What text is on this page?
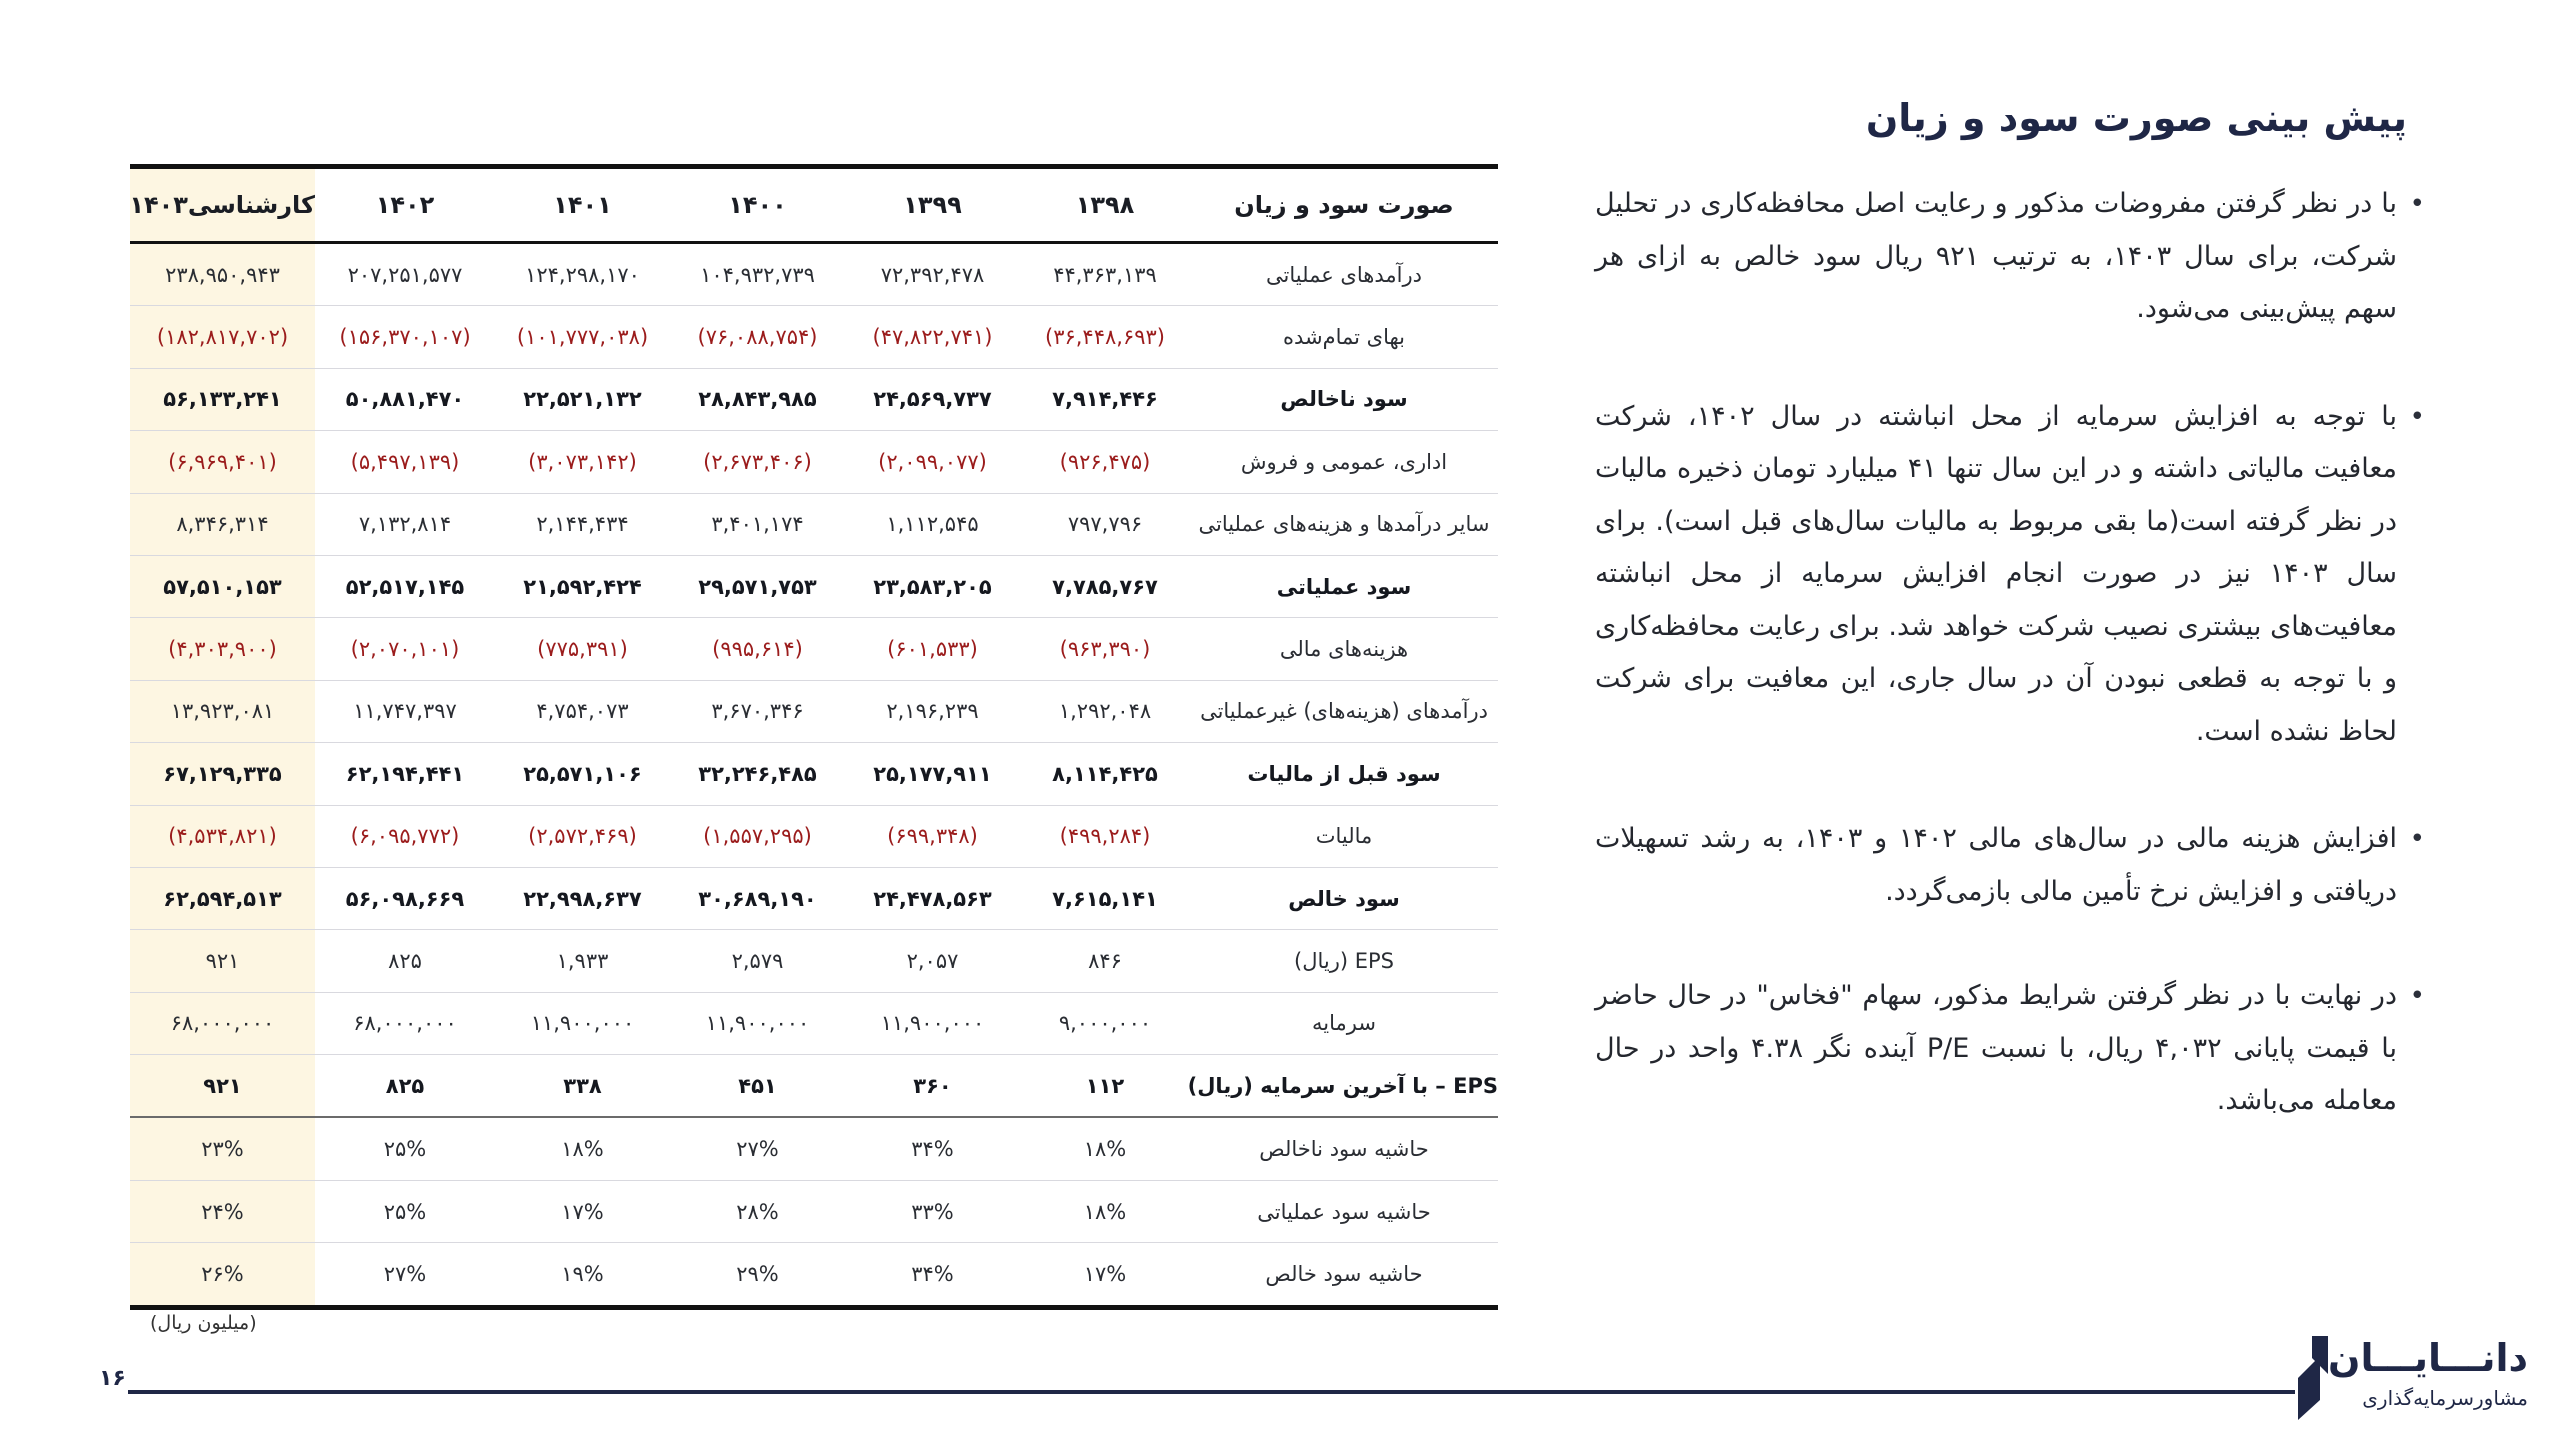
پیش بینی صورت سود و زیان
• با در نظر گرفتن مفروضات مذکور و رعایت اصل محافظه‌کاری در تحلیل شرکت، برای سال ۱۴۰۳، به ترتیب ۹۲۱ ریال سود خالص به ازای هر سهم پیش‌بینی می‌شود.
• با توجه به افزایش سرمایه از محل انباشته در سال ۱۴۰۲، شرکت معافیت مالیاتی داشته و در این سال تنها ۴۱ میلیارد تومان ذخیره مالیات در نظر گرفته است(ما بقی مربوط به مالیات سال‌های قبل است). برای سال ۱۴۰۳ نیز در صورت انجام افزایش سرمایه از محل انباشته معافیت‌های بیشتری نصیب شرکت خواهد شد. برای رعایت محافظه‌کاری و با توجه به قطعی نبودن آن در سال جاری، این معافیت برای شرکت لحاظ نشده است.
• افزایش هزینه مالی در سال‌های مالی ۱۴۰۲ و ۱۴۰۳، به رشد تسهیلات دریافتی و افزایش نرخ تأمین مالی بازمی‌گردد.
• در نهایت با در نظر گرفتن شرایط مذکور، سهام "فخاس" در حال حاضر با قیمت پایانی ۴,۰۳۲ ریال، با نسبت P/E آینده نگر ۴.۳۸ واحد در حال معامله می‌باشد.
صورت سود و زیان	۱۳۹۸	۱۳۹۹	۱۴۰۰	۱۴۰۱	۱۴۰۲	کارشناسی۱۴۰۳
درآمدهای عملیاتی	۴۴,۳۶۳,۱۳۹	۷۲,۳۹۲,۴۷۸	۱۰۴,۹۳۲,۷۳۹	۱۲۴,۲۹۸,۱۷۰	۲۰۷,۲۵۱,۵۷۷	۲۳۸,۹۵۰,۹۴۳
بهای تمام‌شده	(۳۶,۴۴۸,۶۹۳)	(۴۷,۸۲۲,۷۴۱)	(۷۶,۰۸۸,۷۵۴)	(۱۰۱,۷۷۷,۰۳۸)	(۱۵۶,۳۷۰,۱۰۷)	(۱۸۲,۸۱۷,۷۰۲)
سود ناخالص	۷,۹۱۴,۴۴۶	۲۴,۵۶۹,۷۳۷	۲۸,۸۴۳,۹۸۵	۲۲,۵۲۱,۱۳۲	۵۰,۸۸۱,۴۷۰	۵۶,۱۳۳,۲۴۱
اداری، عمومی و فروش	(۹۲۶,۴۷۵)	(۲,۰۹۹,۰۷۷)	(۲,۶۷۳,۴۰۶)	(۳,۰۷۳,۱۴۲)	(۵,۴۹۷,۱۳۹)	(۶,۹۶۹,۴۰۱)
سایر درآمدها و هزینه‌های عملیاتی	۷۹۷,۷۹۶	۱,۱۱۲,۵۴۵	۳,۴۰۱,۱۷۴	۲,۱۴۴,۴۳۴	۷,۱۳۲,۸۱۴	۸,۳۴۶,۳۱۴
سود عملیاتی	۷,۷۸۵,۷۶۷	۲۳,۵۸۳,۲۰۵	۲۹,۵۷۱,۷۵۳	۲۱,۵۹۲,۴۲۴	۵۲,۵۱۷,۱۴۵	۵۷,۵۱۰,۱۵۳
هزینه‌های مالی	(۹۶۳,۳۹۰)	(۶۰۱,۵۳۳)	(۹۹۵,۶۱۴)	(۷۷۵,۳۹۱)	(۲,۰۷۰,۱۰۱)	(۴,۳۰۳,۹۰۰)
درآمدهای (هزینه‌های) غیرعملیاتی	۱,۲۹۲,۰۴۸	۲,۱۹۶,۲۳۹	۳,۶۷۰,۳۴۶	۴,۷۵۴,۰۷۳	۱۱,۷۴۷,۳۹۷	۱۳,۹۲۳,۰۸۱
سود قبل از مالیات	۸,۱۱۴,۴۲۵	۲۵,۱۷۷,۹۱۱	۳۲,۲۴۶,۴۸۵	۲۵,۵۷۱,۱۰۶	۶۲,۱۹۴,۴۴۱	۶۷,۱۲۹,۳۳۵
مالیات	(۴۹۹,۲۸۴)	(۶۹۹,۳۴۸)	(۱,۵۵۷,۲۹۵)	(۲,۵۷۲,۴۶۹)	(۶,۰۹۵,۷۷۲)	(۴,۵۳۴,۸۲۱)
سود خالص	۷,۶۱۵,۱۴۱	۲۴,۴۷۸,۵۶۳	۳۰,۶۸۹,۱۹۰	۲۲,۹۹۸,۶۳۷	۵۶,۰۹۸,۶۶۹	۶۲,۵۹۴,۵۱۳
EPS (ریال)	۸۴۶	۲,۰۵۷	۲,۵۷۹	۱,۹۳۳	۸۲۵	۹۲۱
سرمایه	۹,۰۰۰,۰۰۰	۱۱,۹۰۰,۰۰۰	۱۱,۹۰۰,۰۰۰	۱۱,۹۰۰,۰۰۰	۶۸,۰۰۰,۰۰۰	۶۸,۰۰۰,۰۰۰
EPS – با آخرین سرمایه (ریال)	۱۱۲	۳۶۰	۴۵۱	۳۳۸	۸۲۵	۹۲۱
حاشیه سود ناخالص	۱۸%	۳۴%	۲۷%	۱۸%	۲۵%	۲۳%
حاشیه سود عملیاتی	۱۸%	۳۳%	۲۸%	۱۷%	۲۵%	۲۴%
حاشیه سود خالص	۱۷%	۳۴%	۲۹%	۱۹%	۲۷%	۲۶%
(میلیون ریال)
۱۶	دانـــایـــان
مشاورسرمایه‌گذاری
